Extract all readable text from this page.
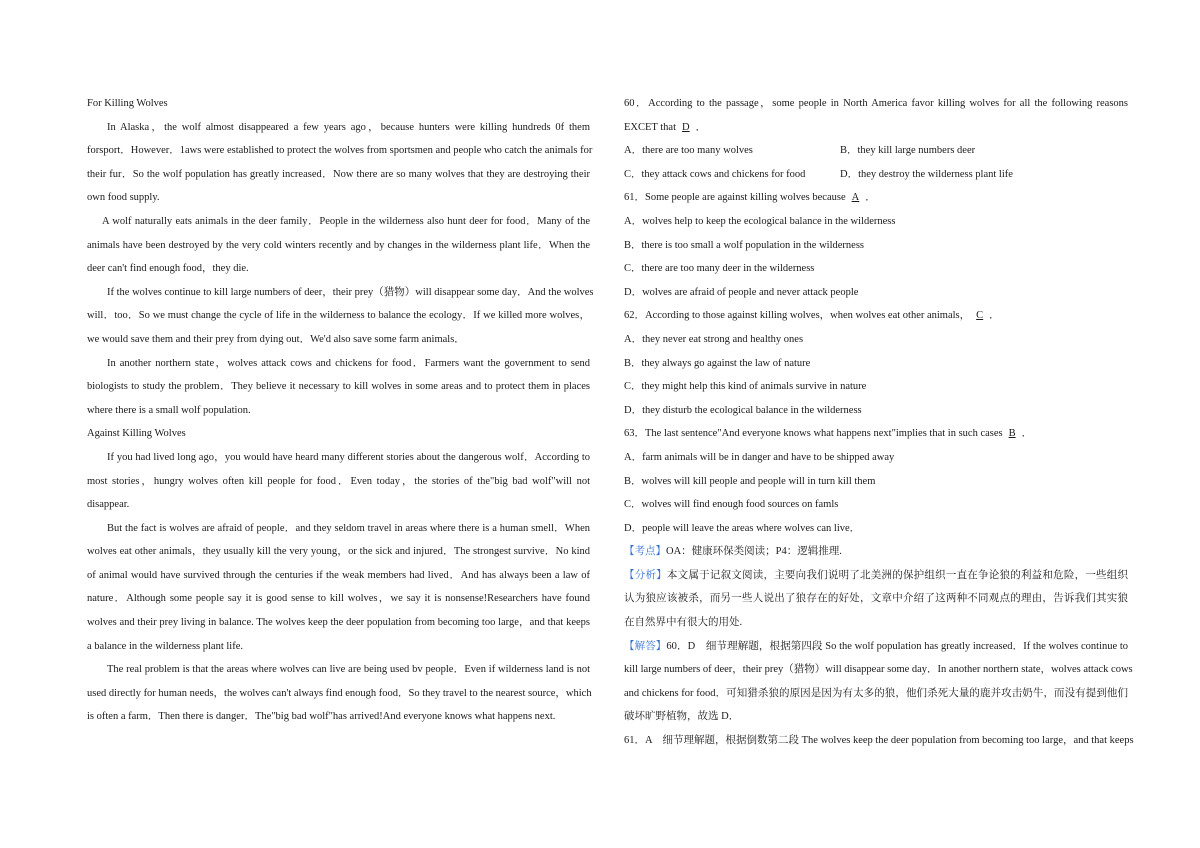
For Killing Wolves
In Alaska，the wolf almost disappeared a few years ago，because hunters were killing hundreds 0f them
forsport．However．1aws were established to protect the wolves from sportsmen and people who catch the animals for
their fur．So the wolf population has greatly increased．Now there are so many wolves that they are destroying their
own food supply.
A wolf naturally eats animals in the deer family．People in the wilderness also hunt deer for food．Many of the
animals have been destroyed by the very cold winters recently and by changes in the wilderness plant life．When the
deer can't find enough food，they die.
If the wolves continue to kill large numbers of deer，their prey（猎物）will disappear some day．And the wolves
will．too．So we must change the cycle of life in the wilderness to balance the ecology．If we killed more wolves，
we would save them and their prey from dying out．We'd also save some farm animals．
In another northern state，wolves attack cows and chickens for food．Farmers want the government to send
biologists to study the problem．They believe it necessary to kill wolves in some areas and to protect them in places
where there is a small wolf population.
Against Killing Wolves
If you had lived long ago，you would have heard many different stories about the dangerous wolf．According to
most stories，hungry wolves often kill people for food．Even today，the stories of the"big bad wolf"will not
disappear.
But the fact is wolves are afraid of people．and they seldom travel in areas where there is a human smell．When
wolves eat other animals，they usually kill the very young，or the sick and injured．The strongest survive．No kind
of animal would have survived through the centuries if the weak members had lived．And has always been a law of
nature．Although some people say it is good sense to kill wolves，we say it is nonsense!Researchers have found
wolves and their prey living in balance. The wolves keep the deer population from becoming too large，and that keeps
a balance in the wilderness plant life.
The real problem is that the areas where wolves can live are being used bv people．Even if wilderness land is not
used directly for human needs，the wolves can't always find enough food．So they travel to the nearest source，which
is often a farm．Then there is danger．The"big bad wolf"has arrived!And everyone knows what happens next.
60．According to the passage，some people in North America favor killing wolves for all the following reasons
EXCET that D ．
A．there are too many wolves	B．they kill large numbers deer
C．they attack cows and chickens for food	D．they destroy the wilderness plant life
61．Some people are against killing wolves because A ．
A．wolves help to keep the ecological balance in the wilderness
B．there is too small a wolf population in the wilderness
C．there are too many deer in the wilderness
D．wolves are afraid of people and never attack people
62．According to those against killing wolves，when wolves eat other animals， C ．
A．they never eat strong and healthy ones
B．they always go against the law of nature
C．they might help this kind of animals survive in nature
D．they disturb the ecological balance in the wilderness
63．The last sentence"And everyone knows what happens next"implies that in such cases B ．
A．farm animals will be in danger and have to be shipped away
B．wolves will kill people and people will in turn kill them
C．wolves will find enough food sources on famls
D．people will leave the areas where wolves can live．
【考点】OA：健康环保类阅读；P4：逻辑推理.
【分析】本文属于记叙文阅读，主要向我们说明了北美洲的保护组织一直在争论狼的利益和危险，一些组织
认为狼应该被杀，而另一些人说出了狼存在的好处，文章中介绍了这两种不同观点的理由，告诉我们其实狼
在自然界中有很大的用处.
【解答】60．D　细节理解题，根据第四段 So the wolf population has greatly increased．If the wolves continue to
kill large numbers of deer，their prey（猎物）will disappear some day．In another northern state，wolves attack cows
and chickens for food．可知猎杀狼的原因是因为有太多的狼，他们杀死大量的鹿并攻击奶牛，而没有提到他们
破坏旷野植物，故选 D．
61．A　细节理解题，根据倒数第二段 The wolves keep the deer population from becoming too large，and that keeps
